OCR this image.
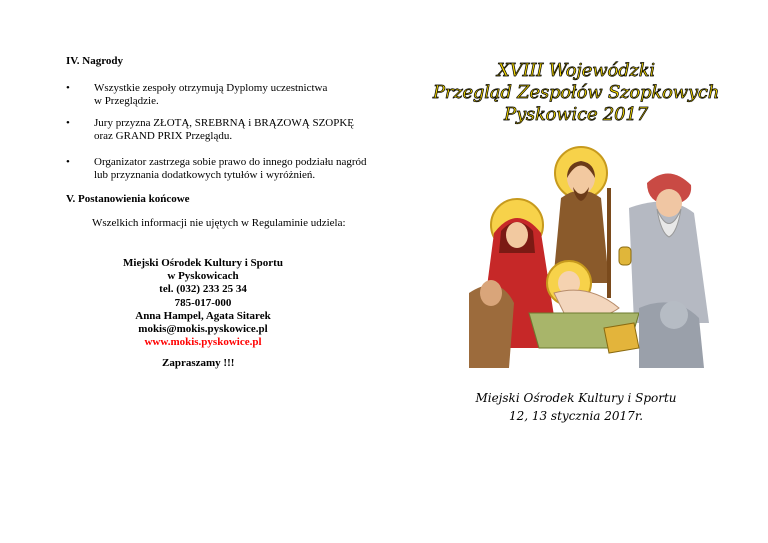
IV. Nagrody
• Wszystkie zespoły otrzymują Dyplomy uczestnictwa
w Przeglądzie.
• Jury przyzna ZŁOTĄ, SREBRNĄ i BRĄZOWĄ SZOPKĘ
oraz GRAND PRIX Przeglądu.
• Organizator zastrzega sobie prawo do innego podziału nagród
lub przyznania dodatkowych tytułów i wyróżnień.
V. Postanowienia końcowe
Wszelkich informacji nie ujętych w Regulaminie udziela:
Miejski Ośrodek Kultury i Sportu
w Pyskowicach
tel. (032) 233 25 34
785-017-000
Anna Hampel, Agata Sitarek
mokis@mokis.pyskowice.pl
www.mokis.pyskowice.pl
Zapraszamy !!!
XVIII Wojewódzki
Przegląd Zespołów Szopkowych
Pyskowice 2017
Miejski Ośrodek Kultury i Sportu
12, 13 stycznia 2017r.
